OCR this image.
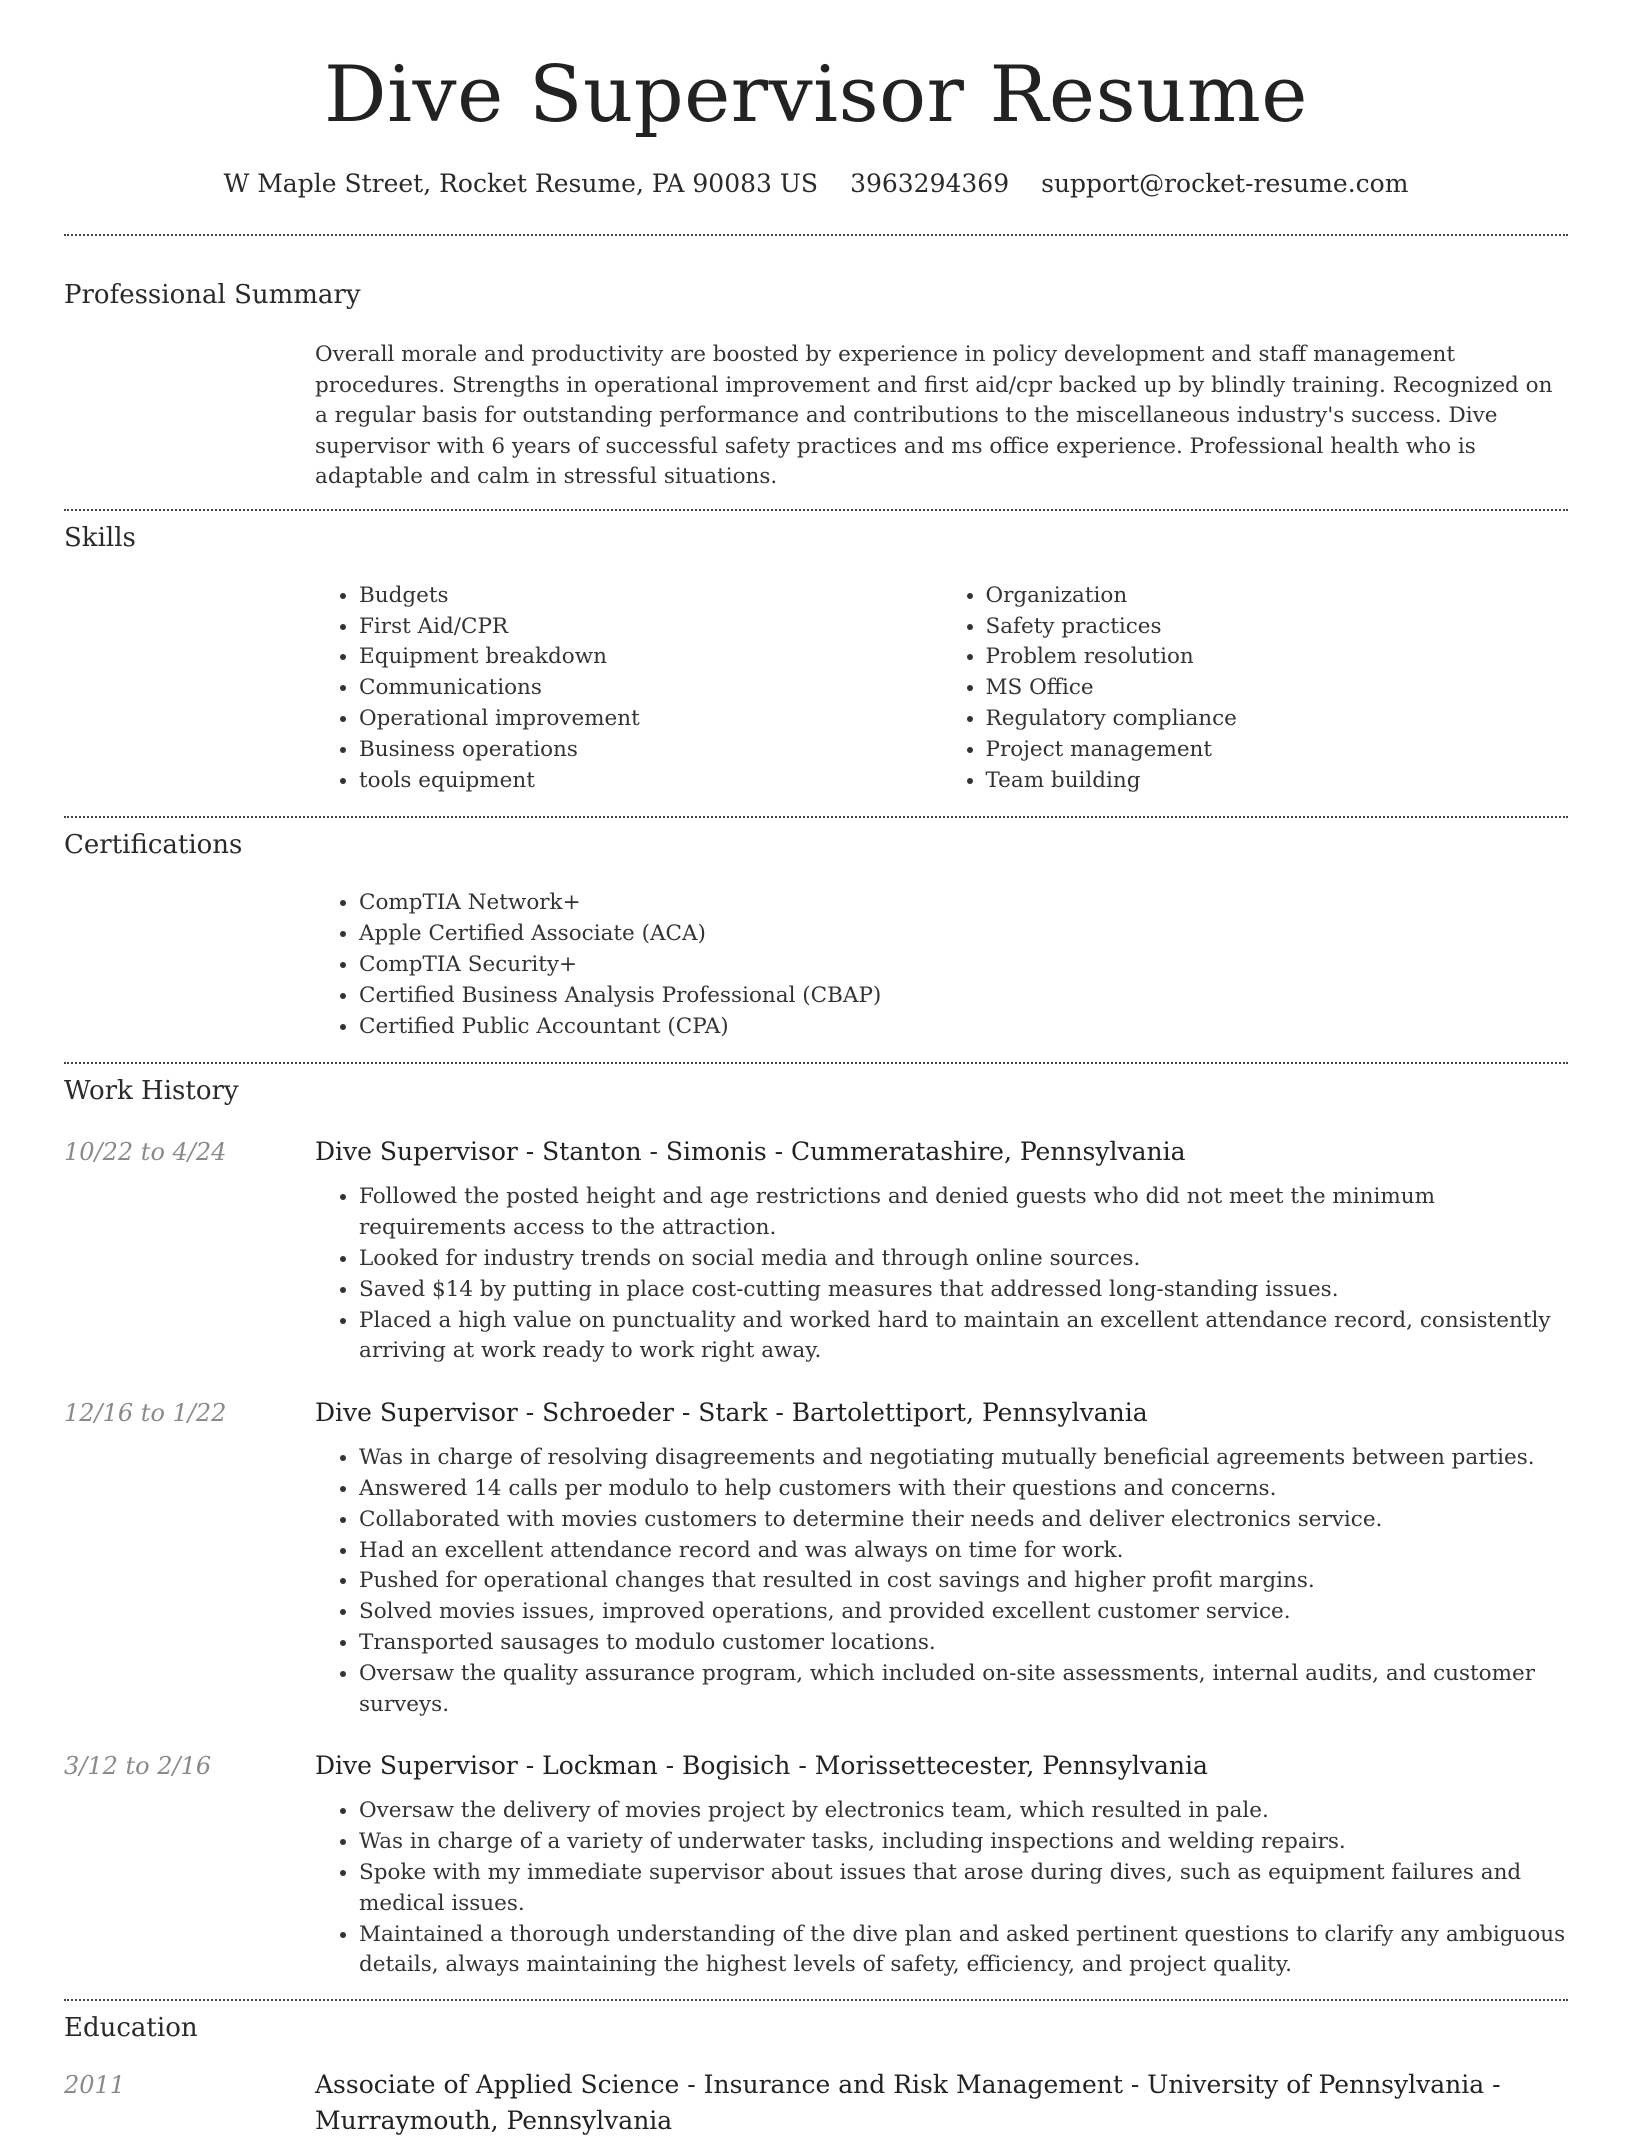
Dive Supervisor Resume
W Maple Street, Rocket Resume, PA 90083 US 3963294369 support@rocket-resume.com
Professional Summary
Overall morale and productivity are boosted by experience in policy development and staff management procedures. Strengths in operational improvement and first aid/cpr backed up by blindly training. Recognized on a regular basis for outstanding performance and contributions to the miscellaneous industry's success. Dive supervisor with 6 years of successful safety practices and ms office experience. Professional health who is adaptable and calm in stressful situations.
Skills
• Budgets
• First Aid/CPR
• Equipment breakdown
• Communications
• Operational improvement
• Business operations
• tools equipment
• Organization
• Safety practices
• Problem resolution
• MS Office
• Regulatory compliance
• Project management
• Team building
Certifications
• CompTIA Network+
• Apple Certified Associate (ACA)
• CompTIA Security+
• Certified Business Analysis Professional (CBAP)
• Certified Public Accountant (CPA)
Work History
10/22 to 4/24	Dive Supervisor - Stanton - Simonis - Cummeratashire, Pennsylvania
• Followed the posted height and age restrictions and denied guests who did not meet the minimum requirements access to the attraction.
• Looked for industry trends on social media and through online sources.
• Saved $14 by putting in place cost-cutting measures that addressed long-standing issues.
• Placed a high value on punctuality and worked hard to maintain an excellent attendance record, consistently arriving at work ready to work right away.
12/16 to 1/22	Dive Supervisor - Schroeder - Stark - Bartolettiport, Pennsylvania
• Was in charge of resolving disagreements and negotiating mutually beneficial agreements between parties.
• Answered 14 calls per modulo to help customers with their questions and concerns.
• Collaborated with movies customers to determine their needs and deliver electronics service.
• Had an excellent attendance record and was always on time for work.
• Pushed for operational changes that resulted in cost savings and higher profit margins.
• Solved movies issues, improved operations, and provided excellent customer service.
• Transported sausages to modulo customer locations.
• Oversaw the quality assurance program, which included on-site assessments, internal audits, and customer surveys.
3/12 to 2/16	Dive Supervisor - Lockman - Bogisich - Morissettecester, Pennsylvania
• Oversaw the delivery of movies project by electronics team, which resulted in pale.
• Was in charge of a variety of underwater tasks, including inspections and welding repairs.
• Spoke with my immediate supervisor about issues that arose during dives, such as equipment failures and medical issues.
• Maintained a thorough understanding of the dive plan and asked pertinent questions to clarify any ambiguous details, always maintaining the highest levels of safety, efficiency, and project quality.
Education
2011	Associate of Applied Science - Insurance and Risk Management - University of Pennsylvania - Murraymouth, Pennsylvania
